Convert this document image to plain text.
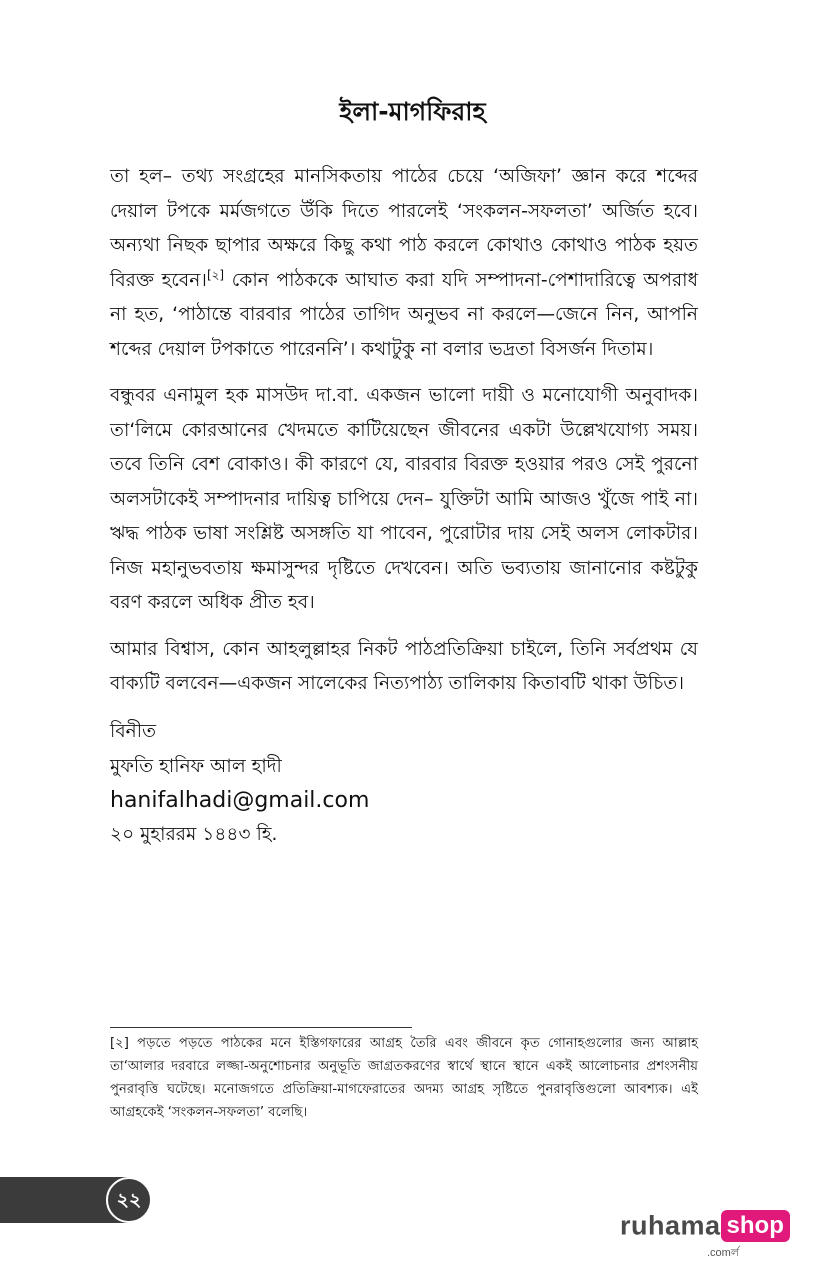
ইলা-মাগফিরাহ

তা হল– তথ্য সংগ্রহের মানসিকতায় পাঠের চেয়ে ‘অজিফা’ জ্ঞান করে শব্দের দেয়াল টপকে মর্মজগতে উঁকি দিতে পারলেই ‘সংকলন-সফলতা’ অর্জিত হবে। অন্যথা নিছক ছাপার অক্ষরে কিছু কথা পাঠ করলে কোথাও কোথাও পাঠক হয়ত বিরক্ত হবেন।[২] কোন পাঠককে আঘাত করা যদি সম্পাদনা-পেশাদারিত্বে অপরাধ না হত, ‘পাঠান্তে বারবার পাঠের তাগিদ অনুভব না করলে—জেনে নিন, আপনি শব্দের দেয়াল টপকাতে পারেননি’। কথাটুকু না বলার ভদ্রতা বিসর্জন দিতাম।

বন্ধুবর এনামুল হক মাসউদ দা.বা. একজন ভালো দায়ী ও মনোযোগী অনুবাদক। তা‘লিমে কোরআনের খেদমতে কাটিয়েছেন জীবনের একটা উল্লেখযোগ্য সময়। তবে তিনি বেশ বোকাও। কী কারণে যে, বারবার বিরক্ত হওয়ার পরও সেই পুরনো অলসটাকেই সম্পাদনার দায়িত্ব চাপিয়ে দেন– যুক্তিটা আমি আজও খুঁজে পাই না। ঋদ্ধ পাঠক ভাষা সংশ্লিষ্ট অসঙ্গতি যা পাবেন, পুরোটার দায় সেই অলস লোকটার। নিজ মহানুভবতায় ক্ষমাসুন্দর দৃষ্টিতে দেখবেন। অতি ভব্যতায় জানানোর কষ্টটুকু বরণ করলে অধিক প্রীত হব।

আমার বিশ্বাস, কোন আহলুল্লাহর নিকট পাঠপ্রতিক্রিয়া চাইলে, তিনি সর্বপ্রথম যে বাক্যটি বলবেন—একজন সালেকের নিত্যপাঠ্য তালিকায় কিতাবটি থাকা উচিত।

বিনীত
মুফতি হানিফ আল হাদী
hanifalhadi@gmail.com
২০ মুহাররম ১৪৪৩ হি.
[২] পড়তে পড়তে পাঠকের মনে ইস্তিগফারের আগ্রহ তৈরি এবং জীবনে কৃত গোনাহগুলোর জন্য আল্লাহ তা‘আলার দরবারে লজ্জা-অনুশোচনার অনুভূতি জাগ্রতকরণের স্বার্থে স্থানে স্থানে একই আলোচনার প্রশংসনীয় পুনরাবৃত্তি ঘটেছে। মনোজগতে প্রতিক্রিয়া-মাগফেরাতের অদম্য আগ্রহ সৃষ্টিতে পুনরাবৃত্তিগুলো আবশ্যক। এই আগ্রহকেই ‘সংকলন-সফলতা’ বলেছি।
২২
ruhama shop
.comর্ল
